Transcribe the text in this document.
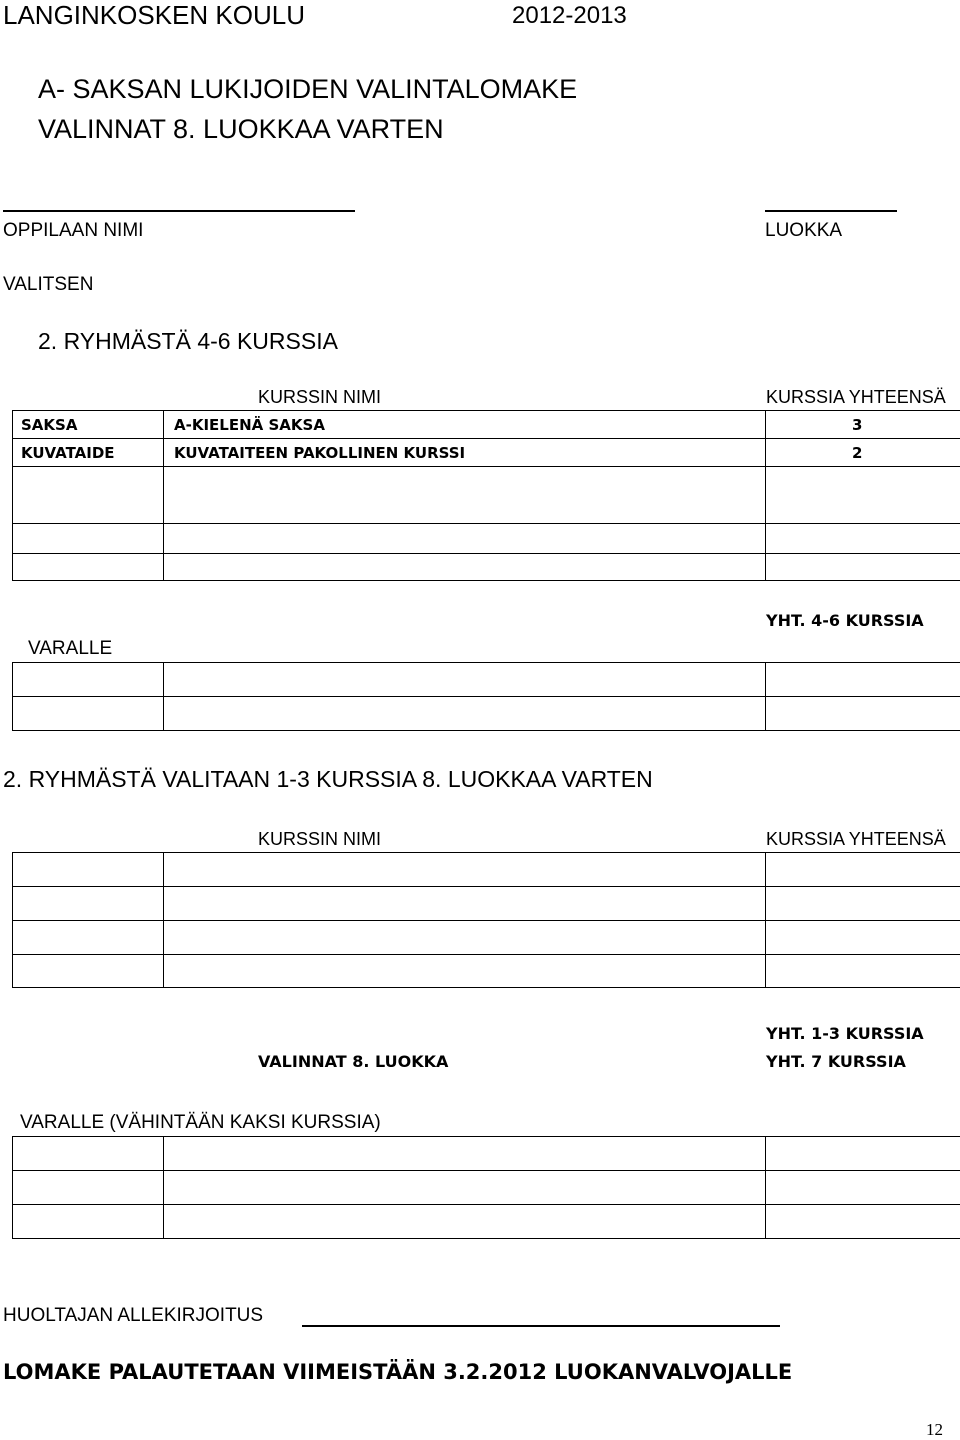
LANGINKOSKEN KOULU	2012-2013
A- SAKSAN LUKIJOIDEN VALINTALOMAKE
VALINNAT 8. LUOKKAA VARTEN
OPPILAAN NIMI	LUOKKA
VALITSEN
2. RYHMÄSTÄ 4-6 KURSSIA
KURSSIN NIMI	KURSSIA YHTEENSÄ
SAKSA	A-KIELENÄ SAKSA	3
KUVATAIDE	KUVATAITEEN PAKOLLINEN KURSSI	2

VARALLE
YHT. 4-6 KURSSIA

2. RYHMÄSTÄ VALITAAN 1-3 KURSSIA 8. LUOKKAA VARTEN
KURSSIN NIMI	KURSSIA YHTEENSÄ

VALINNAT 8. LUOKKA
YHT. 1-3 KURSSIA
YHT. 7 KURSSIA
VARALLE (VÄHINTÄÄN KAKSI KURSSIA)

HUOLTAJAN ALLEKIRJOITUS
LOMAKE PALAUTETAAN VIIMEISTÄÄN 3.2.2012 LUOKANVALVOJALLE
12
